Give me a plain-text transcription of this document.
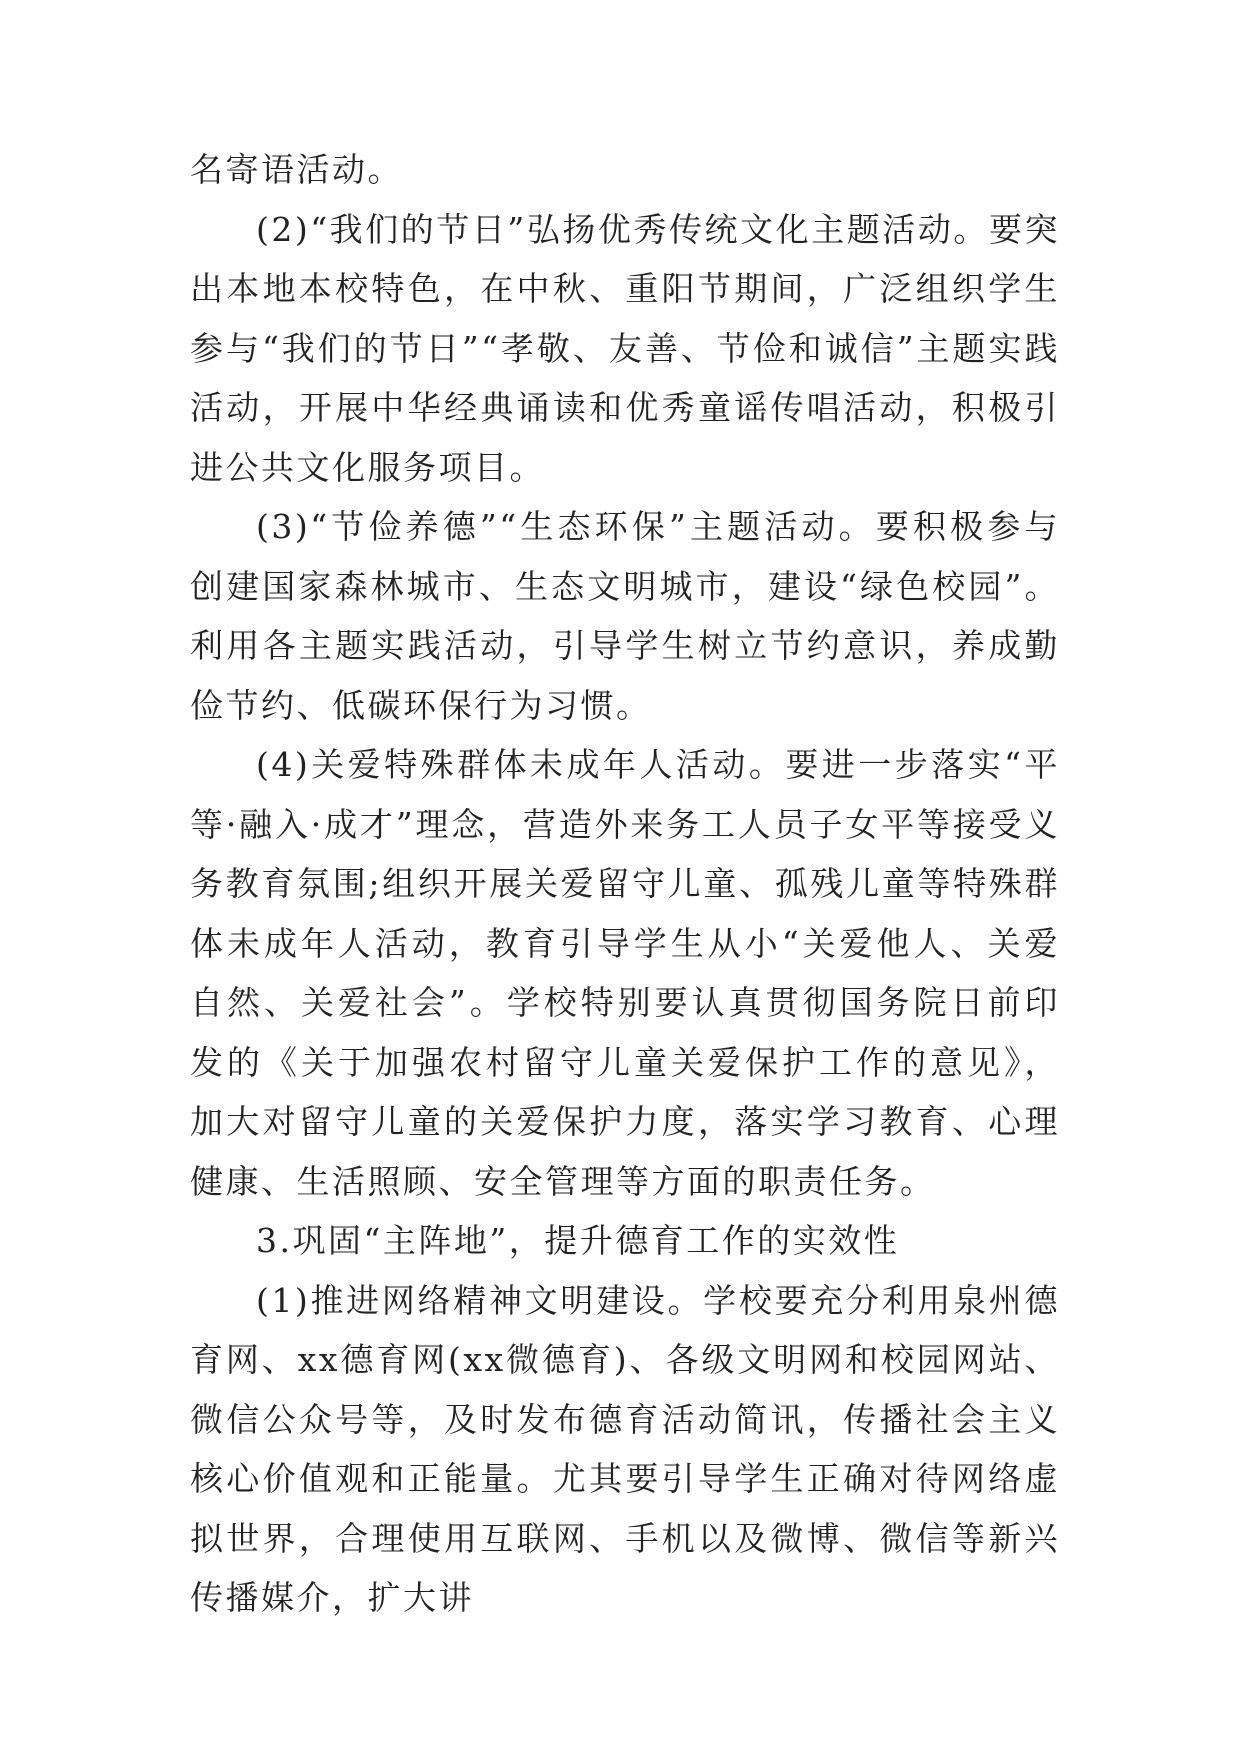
名寄语活动。

(2)“我们的节日”弘扬优秀传统文化主题活动。要突出本地本校特色，在中秋、重阳节期间，广泛组织学生参与“我们的节日”“孝敬、友善、节俭和诚信”主题实践活动，开展中华经典诵读和优秀童谣传唱活动，积极引进公共文化服务项目。

(3)“节俭养德”“生态环保”主题活动。要积极参与创建国家森林城市、生态文明城市，建设“绿色校园”。利用各主题实践活动，引导学生树立节约意识，养成勤俭节约、低碳环保行为习惯。

(4)关爱特殊群体未成年人活动。要进一步落实“平等·融入·成才”理念，营造外来务工人员子女平等接受义务教育氛围;组织开展关爱留守儿童、孤残儿童等特殊群体未成年人活动，教育引导学生从小“关爱他人、关爱自然、关爱社会”。学校特别要认真贯彻国务院日前印发的《关于加强农村留守儿童关爱保护工作的意见》，加大对留守儿童的关爱保护力度，落实学习教育、心理健康、生活照顾、安全管理等方面的职责任务。

3.巩固“主阵地”，提升德育工作的实效性

(1)推进网络精神文明建设。学校要充分利用泉州德育网、xx德育网(xx微德育)、各级文明网和校园网站、微信公众号等，及时发布德育活动简讯，传播社会主义核心价值观和正能量。尤其要引导学生正确对待网络虚拟世界，合理使用互联网、手机以及微博、微信等新兴传播媒介，扩大讲
